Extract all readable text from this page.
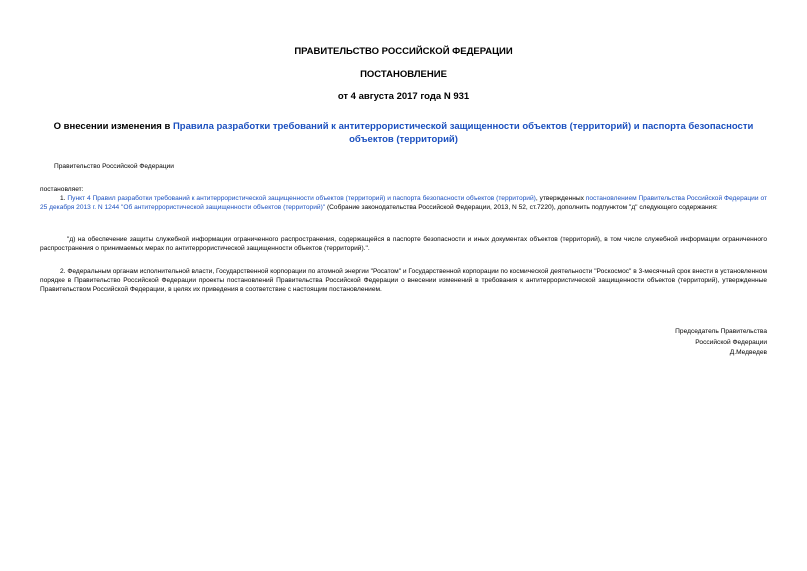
ПРАВИТЕЛЬСТВО РОССИЙСКОЙ ФЕДЕРАЦИИ
ПОСТАНОВЛЕНИЕ
от 4 августа 2017 года N 931
О внесении изменения в Правила разработки требований к антитеррористической защищенности объектов (территорий) и паспорта безопасности объектов (территорий)
Правительство Российской Федерации
постановляет:
1. Пункт 4 Правил разработки требований к антитеррористической защищенности объектов (территорий) и паспорта безопасности объектов (территорий), утвержденных постановлением Правительства Российской Федерации от 25 декабря 2013 г. N 1244 "Об антитеррористической защищенности объектов (территорий)" (Собрание законодательства Российской Федерации, 2013, N 52, ст.7220), дополнить подпунктом "д" следующего содержания:
"д) на обеспечение защиты служебной информации ограниченного распространения, содержащейся в паспорте безопасности и иных документах объектов (территорий), в том числе служебной информации ограниченного распространения о принимаемых мерах по антитеррористической защищенности объектов (территорий).".
2. Федеральным органам исполнительной власти, Государственной корпорации по атомной энергии "Росатом" и Государственной корпорации по космической деятельности "Роскосмос" в 3-месячный срок внести в установленном порядке в Правительство Российской Федерации проекты постановлений Правительства Российской Федерации о внесении изменений в требования к антитеррористической защищенности объектов (территорий), утвержденные Правительством Российской Федерации, в целях их приведения в соответствие с настоящим постановлением.
Председатель Правительства
Российской Федерации
Д.Медведев
